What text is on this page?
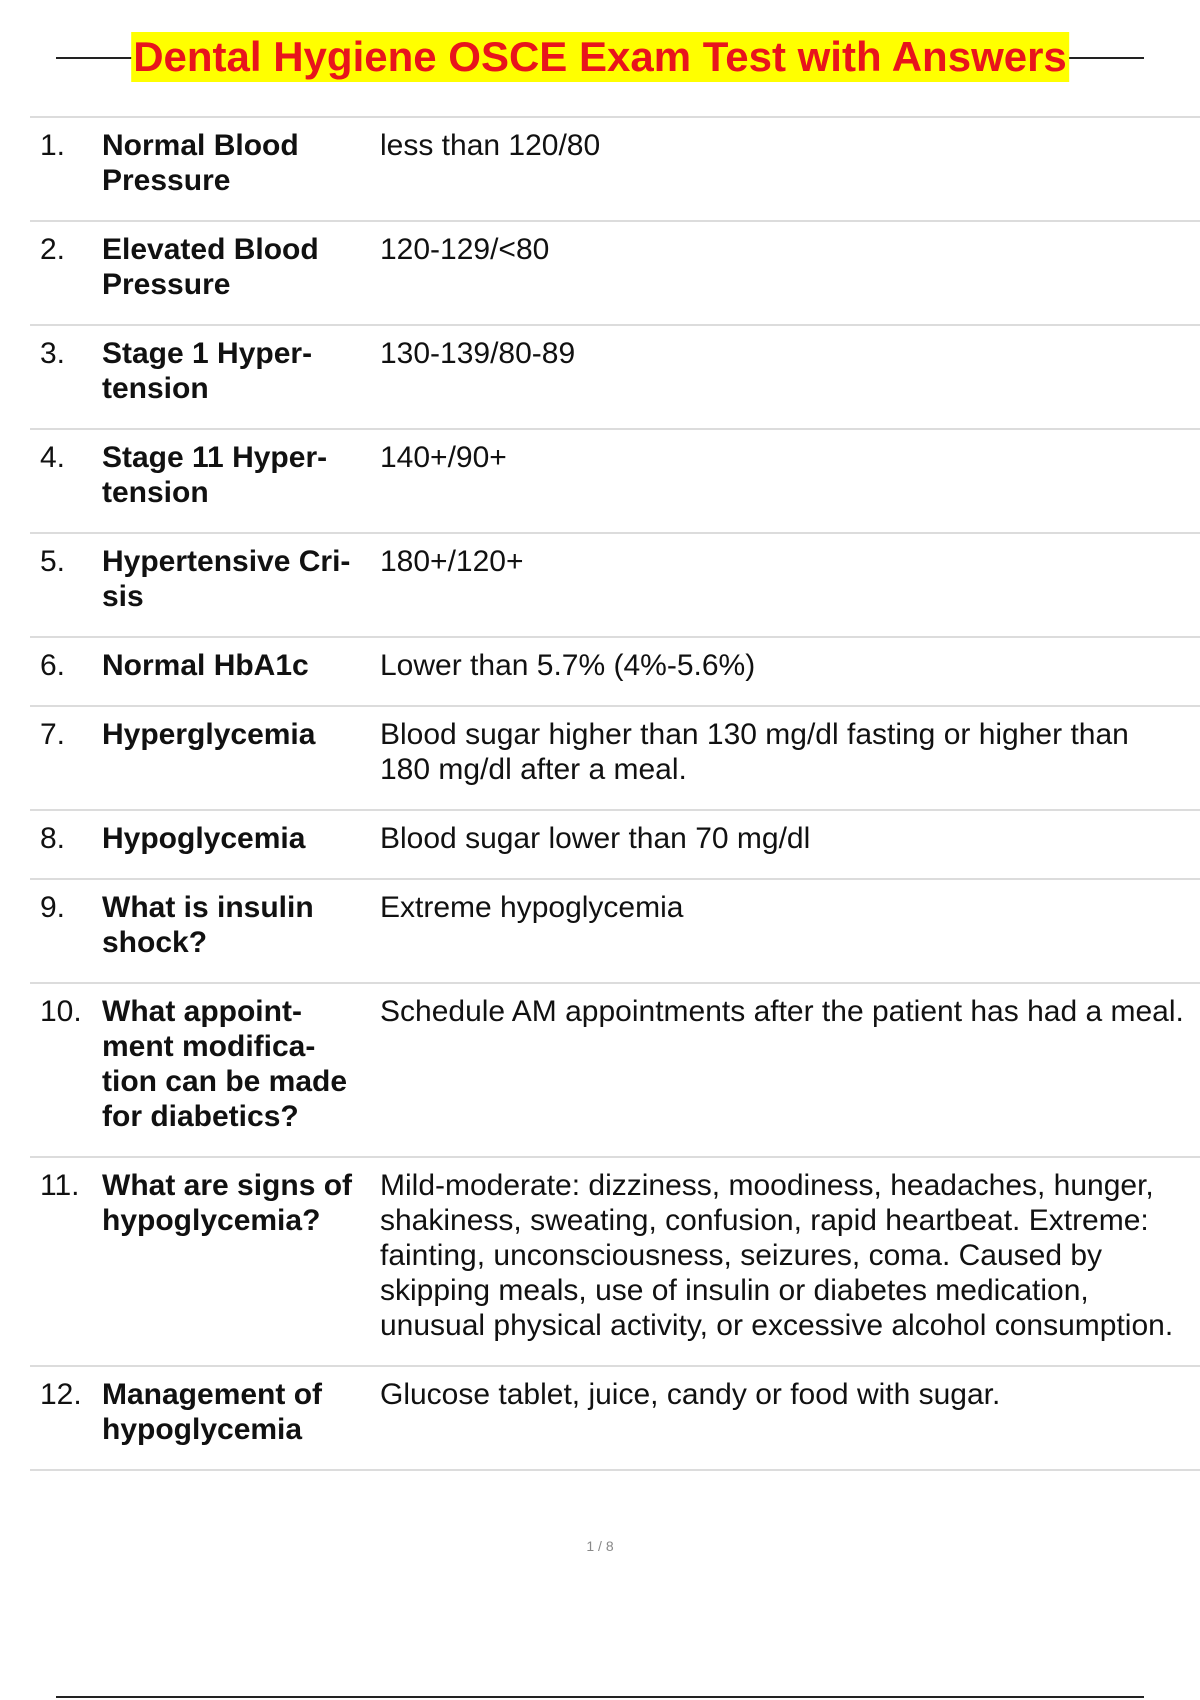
Dental Hygiene OSCE Exam Test with Answers
1.	Normal Blood Pressure	less than 120/80
2.	Elevated Blood Pressure	120-129/<80
3.	Stage 1 Hyper-tension	130-139/80-89
4.	Stage 11 Hyper-tension	140+/90+
5.	Hypertensive Cri-sis	180+/120+
6.	Normal HbA1c	Lower than 5.7% (4%-5.6%)
7.	Hyperglycemia	Blood sugar higher than 130 mg/dl fasting or higher than 180 mg/dl after a meal.
8.	Hypoglycemia	Blood sugar lower than 70 mg/dl
9.	What is insulin shock?	Extreme hypoglycemia
10.	What appoint-ment modifica-tion can be made for diabetics?	Schedule AM appointments after the patient has had a meal.
11.	What are signs of hypoglycemia?	Mild-moderate: dizziness, moodiness, headaches, hunger, shakiness, sweating, confusion, rapid heartbeat. Extreme: fainting, unconsciousness, seizures, coma. Caused by skipping meals, use of insulin or diabetes medication, unusual physical activity, or excessive alcohol consumption.
12.	Management of hypoglycemia	Glucose tablet, juice, candy or food with sugar.
1 / 8
